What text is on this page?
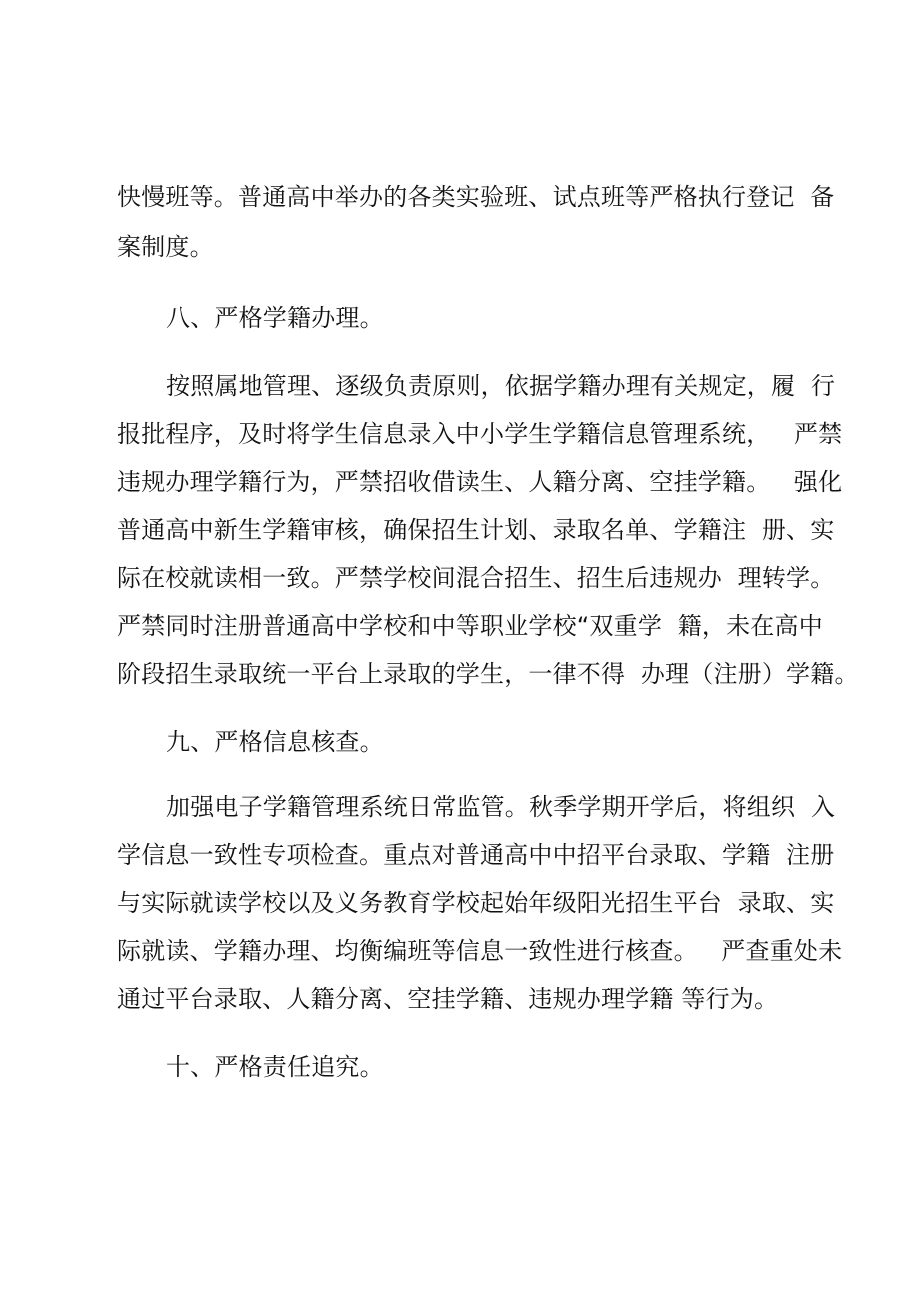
快慢班等。普通高中举办的各类实验班、试点班等严格执行登记  备
案制度。
八、严格学籍办理。
按照属地管理、逐级负责原则，依据学籍办理有关规定，履  行
报批程序，及时将学生信息录入中小学生学籍信息管理系统，   严禁
违规办理学籍行为，严禁招收借读生、人籍分离、空挂学籍。   强化
普通高中新生学籍审核，确保招生计划、录取名单、学籍注  册、实
际在校就读相一致。严禁学校间混合招生、招生后违规办  理转学。
严禁同时注册普通高中学校和中等职业学校“双重学  籍，未在高中
阶段招生录取统一平台上录取的学生，一律不得  办理（注册）学籍。
九、严格信息核查。
加强电子学籍管理系统日常监管。秋季学期开学后，将组织  入
学信息一致性专项检查。重点对普通高中中招平台录取、学籍  注册
与实际就读学校以及义务教育学校起始年级阳光招生平台  录取、实
际就读、学籍办理、均衡编班等信息一致性进行核查。   严查重处未
通过平台录取、人籍分离、空挂学籍、违规办理学籍 等行为。
十、严格责任追究。
